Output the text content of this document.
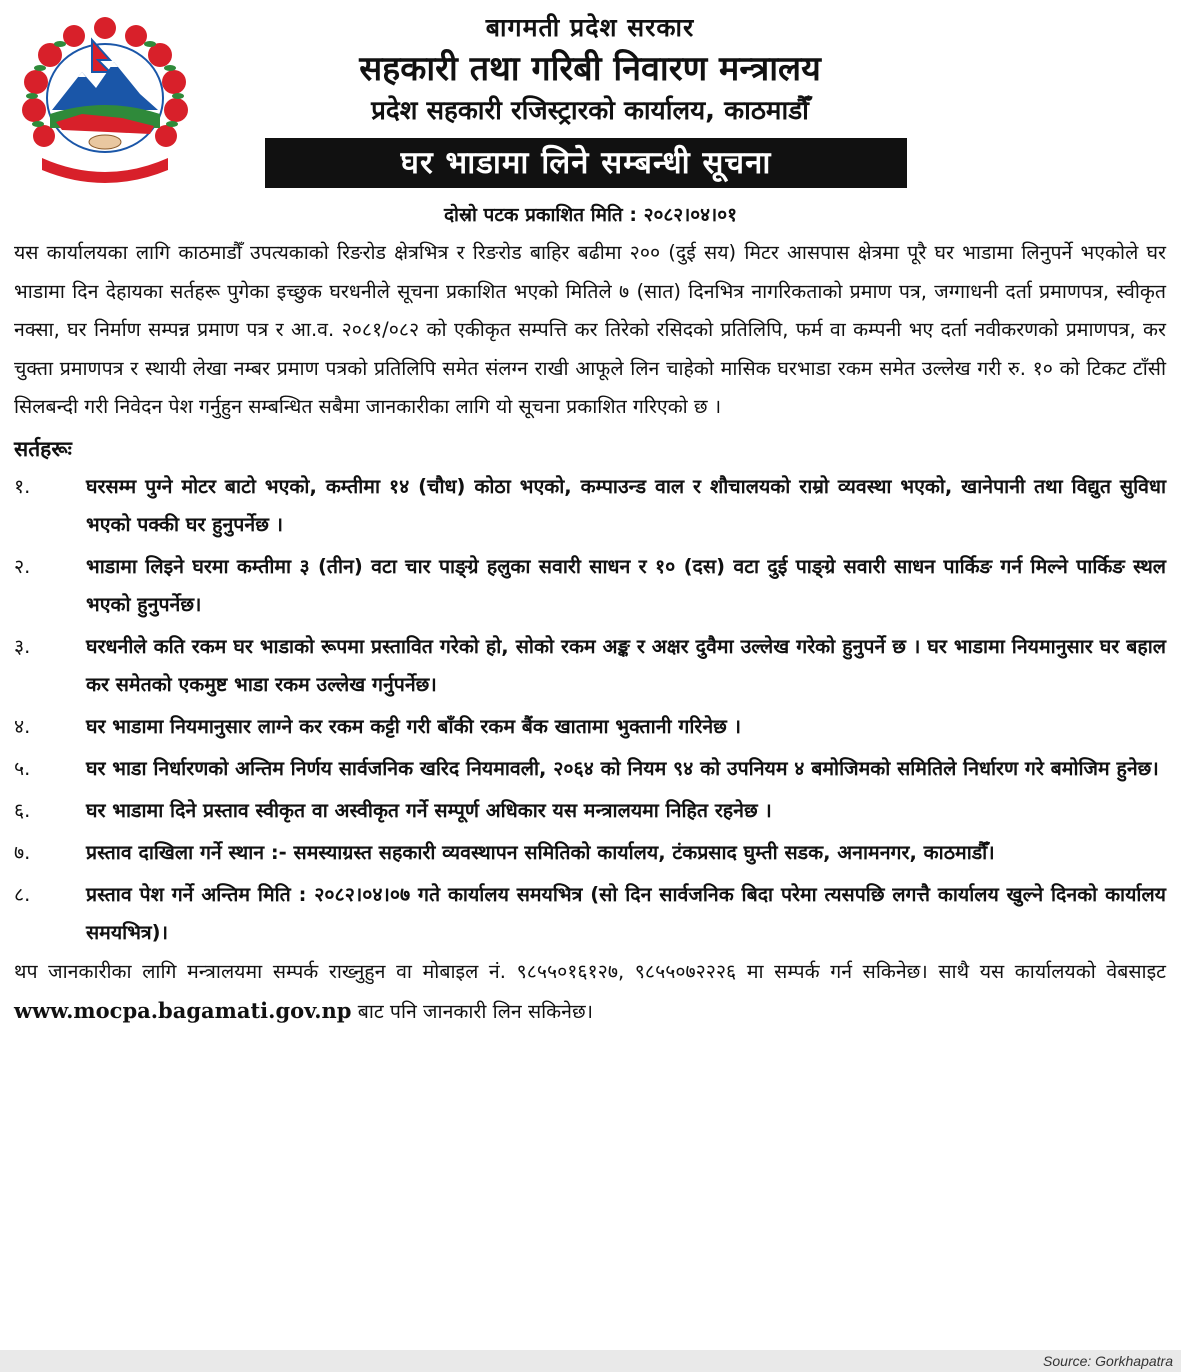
बागमती प्रदेश सरकार
सहकारी तथा गरिबी निवारण मन्त्रालय
प्रदेश सहकारी रजिस्ट्रारको कार्यालय, काठमाडौँ
घर भाडामा लिने सम्बन्धी सूचना
दोस्रो पटक प्रकाशित मिति : २०८२।०४।०१

यस कार्यालयका लागि काठमाडौँ उपत्यकाको रिङरोड क्षेत्रभित्र र रिङरोड बाहिर बढीमा २०० (दुई सय) मिटर आसपास क्षेत्रमा पूरै घर भाडामा लिनुपर्ने भएकोले घर भाडामा दिन देहायका सर्तहरू पुगेका इच्छुक घरधनीले सूचना प्रकाशित भएको मितिले ७ (सात) दिनभित्र नागरिकताको प्रमाण पत्र, जग्गाधनी दर्ता प्रमाणपत्र, स्वीकृत नक्सा, घर निर्माण सम्पन्न प्रमाण पत्र र आ.व. २०८१/०८२ को एकीकृत सम्पत्ति कर तिरेको रसिदको प्रतिलिपि, फर्म वा कम्पनी भए दर्ता नवीकरणको प्रमाणपत्र, कर चुक्ता प्रमाणपत्र र स्थायी लेखा नम्बर प्रमाण पत्रको प्रतिलिपि समेत संलग्न राखी आफूले लिन चाहेको मासिक घरभाडा रकम समेत उल्लेख गरी रु. १० को टिकट टाँसी सिलबन्दी गरी निवेदन पेश गर्नुहुन सम्बन्धित सबैमा जानकारीका लागि यो सूचना प्रकाशित गरिएको छ ।

सर्तहरूः
१.	घरसम्म पुग्ने मोटर बाटो भएको, कम्तीमा १४ (चौध) कोठा भएको, कम्पाउन्ड वाल र शौचालयको राम्रो व्यवस्था भएको, खानेपानी तथा विद्युत सुविधा भएको पक्की घर हुनुपर्नेछ ।
२.	भाडामा लिइने घरमा कम्तीमा ३ (तीन) वटा चार पाङ्ग्रे हलुका सवारी साधन र १० (दस) वटा दुई पाङ्ग्रे सवारी साधन पार्किङ गर्न मिल्ने पार्किङ स्थल भएको हुनुपर्नेछ।
३.	घरधनीले कति रकम घर भाडाको रूपमा प्रस्तावित गरेको हो, सोको रकम अङ्क र अक्षर दुवैमा उल्लेख गरेको हुनुपर्ने छ । घर भाडामा नियमानुसार घर बहाल कर समेतको एकमुष्ट भाडा रकम उल्लेख गर्नुपर्नेछ।
४.	घर भाडामा नियमानुसार लाग्ने कर रकम कट्टी गरी बाँकी रकम बैंक खातामा भुक्तानी गरिनेछ ।
५.	घर भाडा निर्धारणको अन्तिम निर्णय सार्वजनिक खरिद नियमावली, २०६४ को नियम ९४ को उपनियम ४ बमोजिमको समितिले निर्धारण गरे बमोजिम हुनेछ।
६.	घर भाडामा दिने प्रस्ताव स्वीकृत वा अस्वीकृत गर्ने सम्पूर्ण अधिकार यस मन्त्रालयमा निहित रहनेछ ।
७.	प्रस्ताव दाखिला गर्ने स्थान :- समस्याग्रस्त सहकारी व्यवस्थापन समितिको कार्यालय, टंकप्रसाद घुम्ती सडक, अनामनगर, काठमाडौँ।
८.	प्रस्ताव पेश गर्ने अन्तिम मिति : २०८२।०४।०७ गते कार्यालय समयभित्र (सो दिन सार्वजनिक बिदा परेमा त्यसपछि लगत्तै कार्यालय खुल्ने दिनको कार्यालय समयभित्र)।

थप जानकारीका लागि मन्त्रालयमा सम्पर्क राख्नुहुन वा मोबाइल नं. ९८५५०१६१२७, ९८५५०७२२२६ मा सम्पर्क गर्न सकिनेछ। साथै यस कार्यालयको वेबसाइट www.mocpa.bagamati.gov.np बाट पनि जानकारी लिन सकिनेछ।

Source: Gorkhapatra
